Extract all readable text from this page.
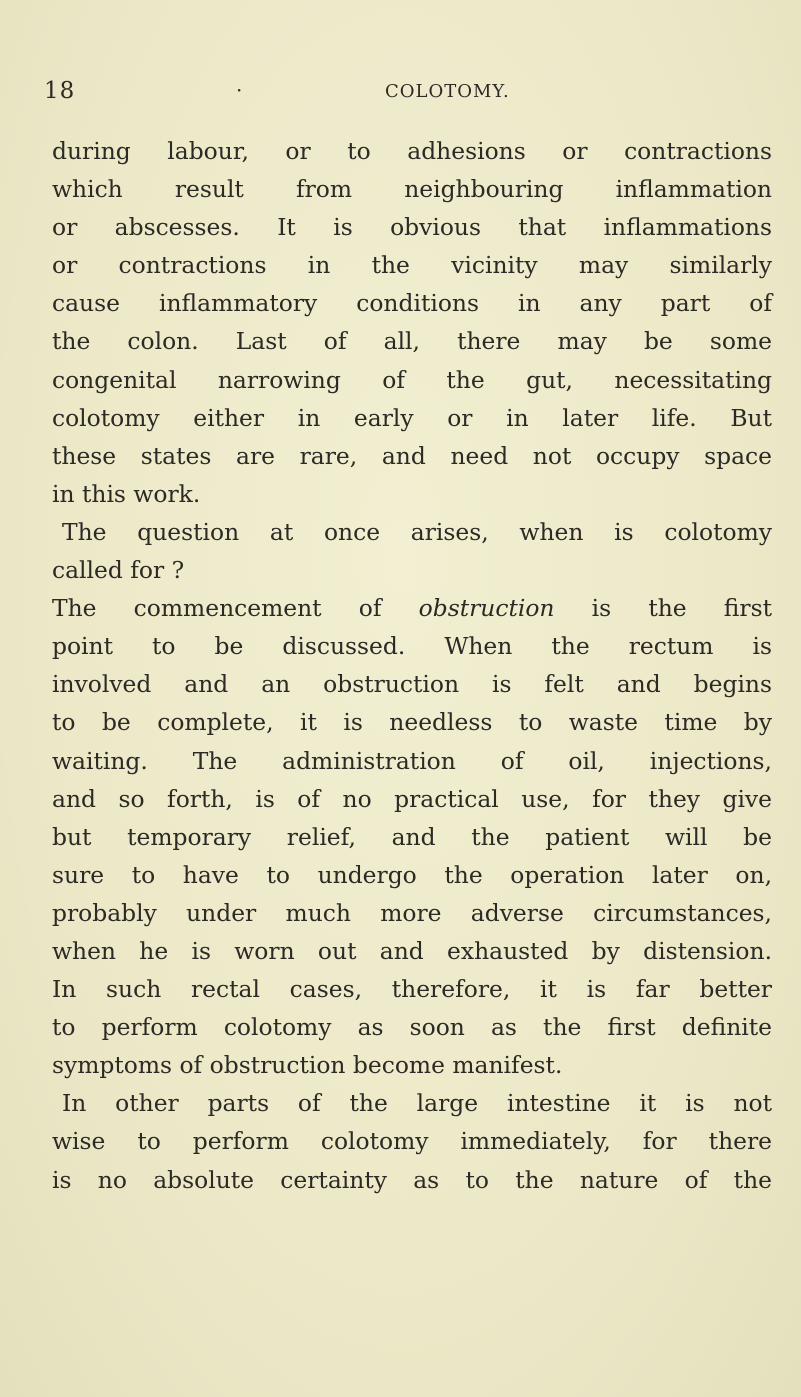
18	·	COLOTOMY.
during labour, or to adhesions or contractions
which result from neighbouring inflammation
or abscesses. It is obvious that inflammations
or contractions in the vicinity may similarly
cause inflammatory conditions in any part of
the colon. Last of all, there may be some
congenital narrowing of the gut, necessitating
colotomy either in early or in later life. But
these states are rare, and need not occupy space
in this work.
The question at once arises, when is colotomy
called for ?
The commencement of obstruction is the first
point to be discussed. When the rectum is
involved and an obstruction is felt and begins
to be complete, it is needless to waste time by
waiting. The administration of oil, injections,
and so forth, is of no practical use, for they give
but temporary relief, and the patient will be
sure to have to undergo the operation later on,
probably under much more adverse circumstances,
when he is worn out and exhausted by distension.
In such rectal cases, therefore, it is far better
to perform colotomy as soon as the first definite
symptoms of obstruction become manifest.
In other parts of the large intestine it is not
wise to perform colotomy immediately, for there
is no absolute certainty as to the nature of the
